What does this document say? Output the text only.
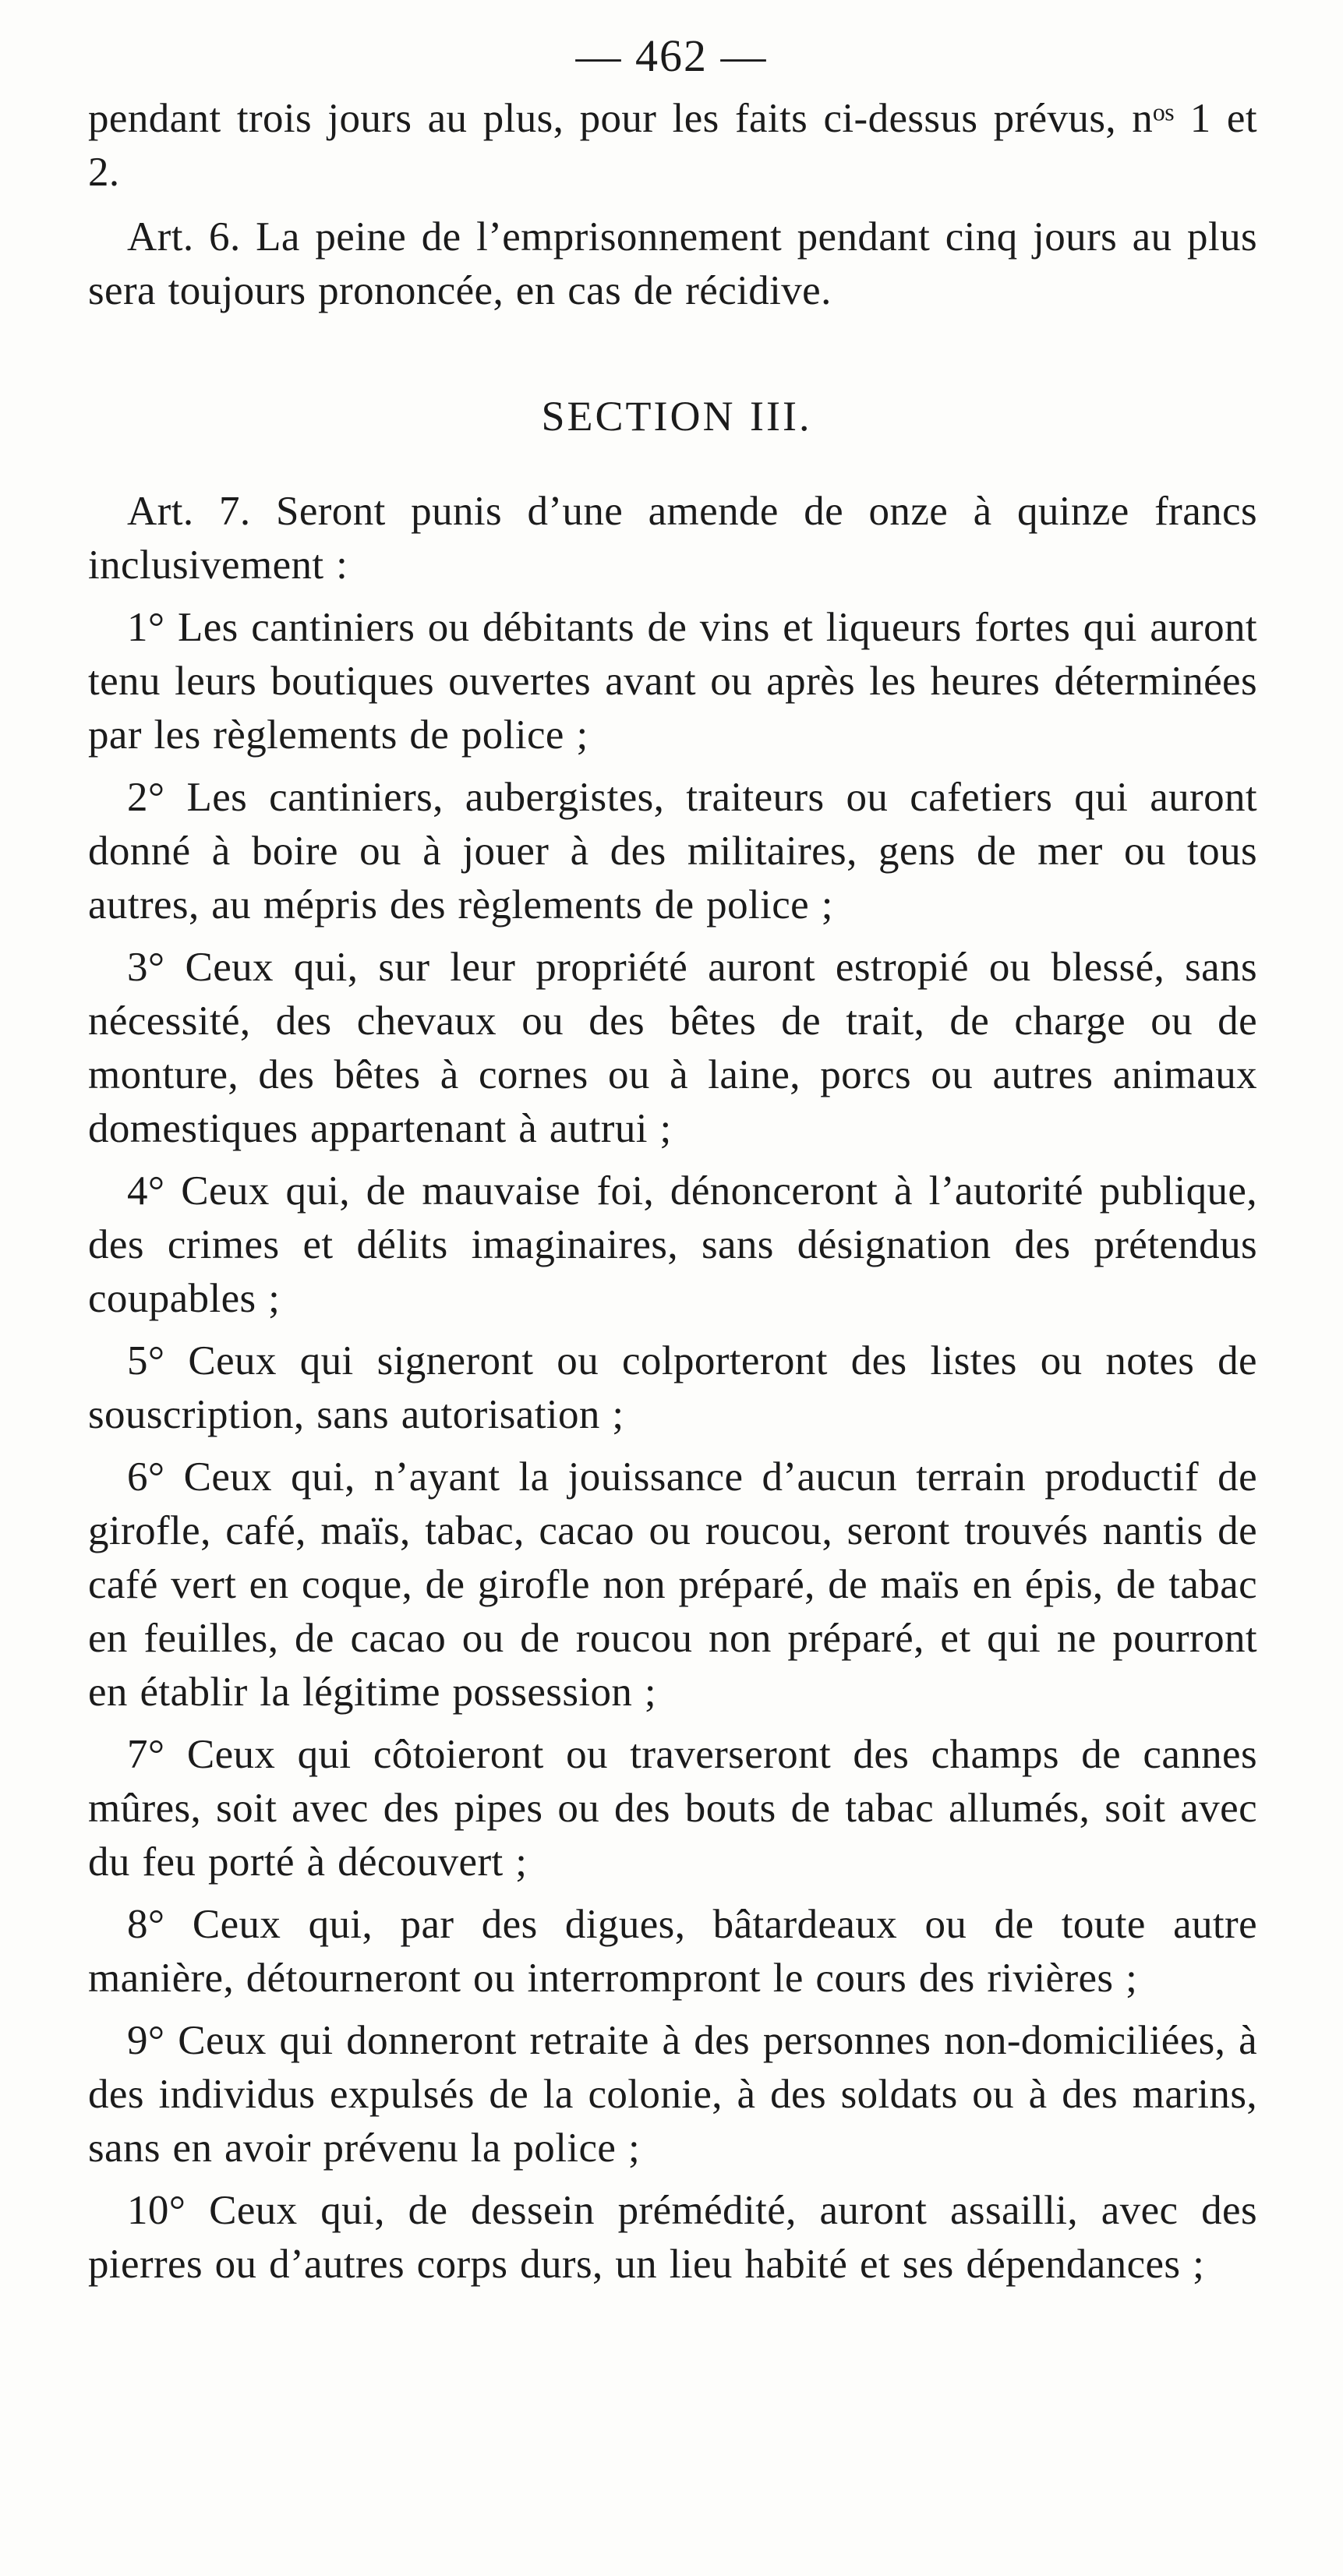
— 462 —

pendant trois jours au plus, pour les faits ci-dessus prévus, nᵒˢ 1 et 2.

Art. 6. La peine de l’emprisonnement pendant cinq jours au plus sera toujours prononcée, en cas de récidive.

SECTION III.

Art. 7. Seront punis d’une amende de onze à quinze francs inclusivement :

1° Les cantiniers ou débitants de vins et liqueurs fortes qui auront tenu leurs boutiques ouvertes avant ou après les heures déterminées par les règlements de police ;

2° Les cantiniers, aubergistes, traiteurs ou cafetiers qui auront donné à boire ou à jouer à des militaires, gens de mer ou tous autres, au mépris des règlements de police ;

3° Ceux qui, sur leur propriété auront estropié ou blessé, sans nécessité, des chevaux ou des bêtes de trait, de charge ou de monture, des bêtes à cornes ou à laine, porcs ou autres animaux domestiques appartenant à autrui ;

4° Ceux qui, de mauvaise foi, dénonceront à l’autorité publique, des crimes et délits imaginaires, sans désignation des prétendus coupables ;

5° Ceux qui signeront ou colporteront des listes ou notes de souscription, sans autorisation ;

6° Ceux qui, n’ayant la jouissance d’aucun terrain productif de girofle, café, maïs, tabac, cacao ou roucou, seront trouvés nantis de café vert en coque, de girofle non préparé, de maïs en épis, de tabac en feuilles, de cacao ou de roucou non préparé, et qui ne pourront en établir la légitime possession ;

7° Ceux qui côtoieront ou traverseront des champs de cannes mûres, soit avec des pipes ou des bouts de tabac allumés, soit avec du feu porté à découvert ;

8° Ceux qui, par des digues, bâtardeaux ou de toute autre manière, détourneront ou interrompront le cours des rivières ;

9° Ceux qui donneront retraite à des personnes non-domiciliées, à des individus expulsés de la colonie, à des soldats ou à des marins, sans en avoir prévenu la police ;

10° Ceux qui, de dessein prémédité, auront assailli, avec des pierres ou d’autres corps durs, un lieu habité et ses dépendances ;
